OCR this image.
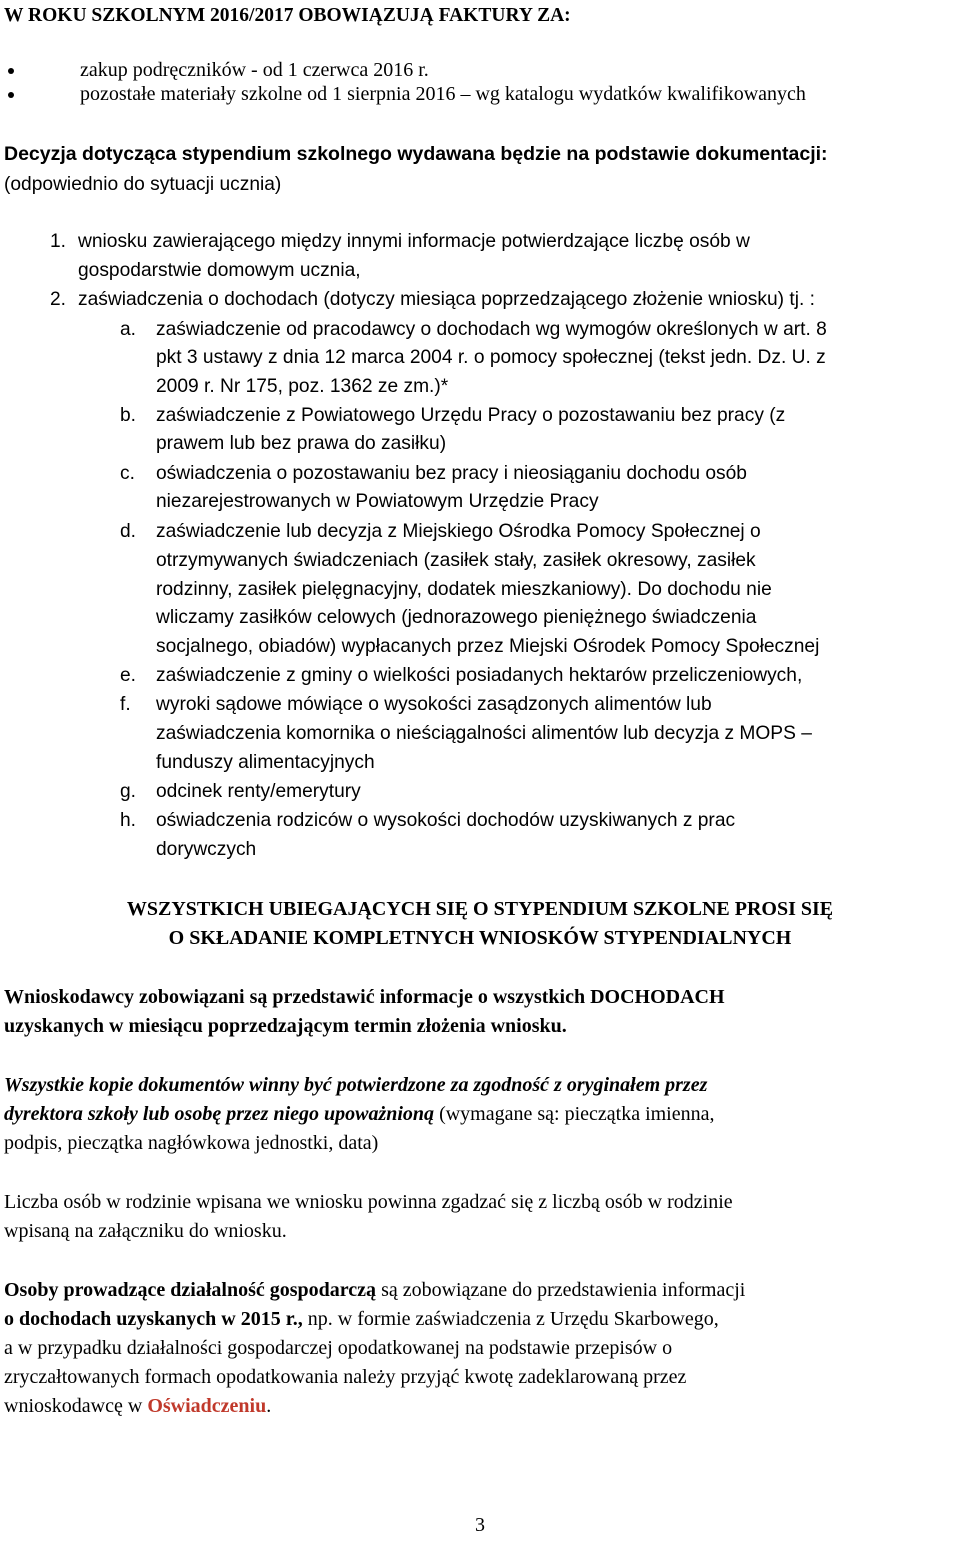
W ROKU SZKOLNYM 2016/2017 OBOWIĄZUJĄ FAKTURY ZA:
zakup podręczników - od 1 czerwca 2016 r.
pozostałe materiały szkolne od 1 sierpnia 2016 – wg katalogu wydatków kwalifikowanych
Decyzja dotycząca stypendium szkolnego wydawana będzie na podstawie dokumentacji:
(odpowiednio do sytuacji ucznia)
1. wniosku zawierającego między innymi informacje potwierdzające liczbę osób w
gospodarstwie domowym ucznia,
2. zaświadczenia o dochodach (dotyczy miesiąca poprzedzającego złożenie wniosku) tj. :
a. zaświadczenie od pracodawcy o dochodach wg wymogów określonych w art. 8
pkt 3 ustawy z dnia 12 marca 2004 r. o pomocy społecznej (tekst jedn. Dz. U. z
2009 r. Nr 175, poz. 1362 ze zm.)*
b. zaświadczenie z Powiatowego Urzędu Pracy o pozostawaniu bez pracy (z
prawem lub bez prawa do zasiłku)
c. oświadczenia o pozostawaniu bez pracy i nieosiąganiu dochodu osób
niezarejestrowanych w Powiatowym Urzędzie Pracy
d. zaświadczenie lub decyzja z Miejskiego Ośrodka Pomocy Społecznej o
otrzymywanych świadczeniach (zasiłek stały, zasiłek okresowy, zasiłek
rodzinny, zasiłek pielęgnacyjny, dodatek mieszkaniowy). Do dochodu nie
wliczamy zasiłków celowych (jednorazowego pieniężnego świadczenia
socjalnego, obiadów) wypłacanych przez Miejski Ośrodek Pomocy Społecznej
e. zaświadczenie z gminy o wielkości posiadanych hektarów przeliczeniowych,
f. wyroki sądowe mówiące o wysokości zasądzonych alimentów lub
zaświadczenia komornika o nieściągalności alimentów lub decyzja z MOPS –
funduszy alimentacyjnych
g. odcinek renty/emerytury
h. oświadczenia rodziców o wysokości dochodów uzyskiwanych z prac
dorywczych
WSZYSTKICH UBIEGAJĄCYCH SIĘ O STYPENDIUM SZKOLNE PROSI SIĘ
O SKŁADANIE KOMPLETNYCH WNIOSKÓW STYPENDIALNYCH
Wnioskodawcy zobowiązani są przedstawić informacje o wszystkich DOCHODACH
uzyskanych w miesiącu poprzedzającym termin złożenia wniosku.
Wszystkie kopie dokumentów winny być potwierdzone za zgodność z oryginałem przez
dyrektora szkoły lub osobę przez niego upoważnioną (wymagane są: pieczątka imienna,
podpis, pieczątka nagłówkowa jednostki, data)
Liczba osób w rodzinie wpisana we wniosku powinna zgadzać się z liczbą osób w rodzinie
wpisaną na załączniku do wniosku.
Osoby prowadzące działalność gospodarczą są zobowiązane do przedstawienia informacji
o dochodach uzyskanych w 2015 r., np. w formie zaświadczenia z Urzędu Skarbowego,
a w przypadku działalności gospodarczej opodatkowanej na podstawie przepisów o
zryczałtowanych formach opodatkowania należy przyjąć kwotę zadeklarowaną przez
wnioskodawcę w Oświadczeniu.
3
